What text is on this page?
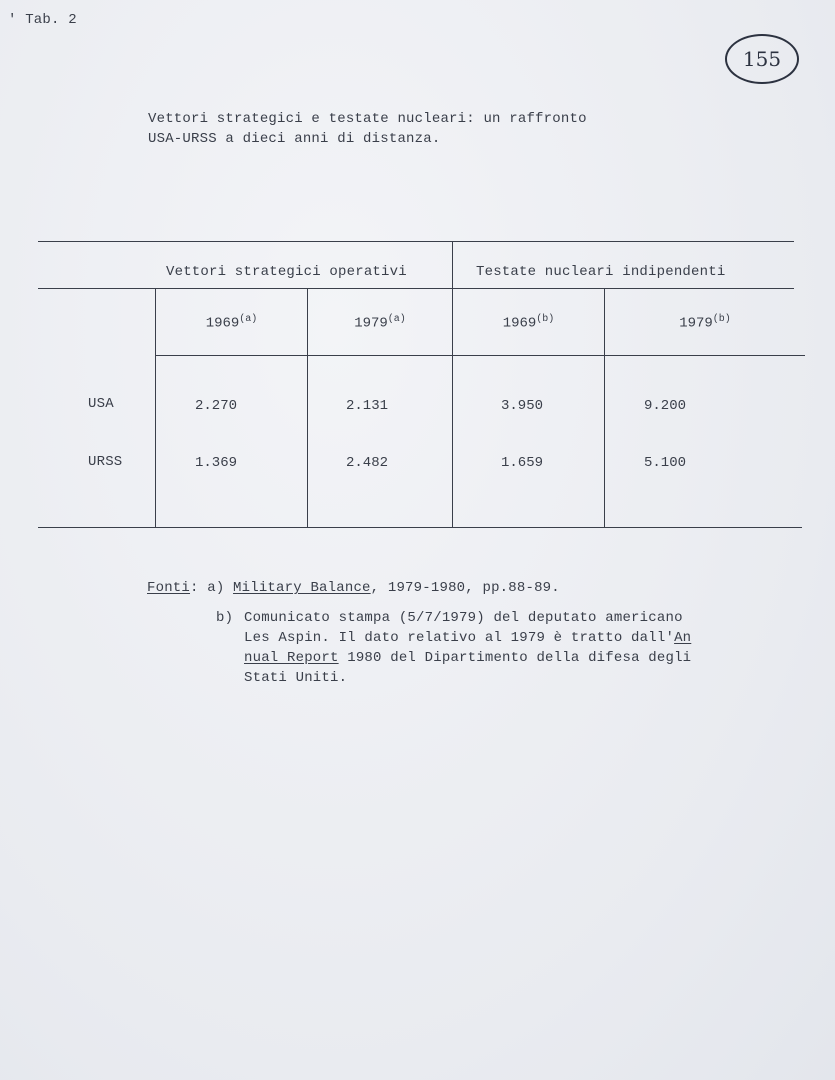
' Tab. 2
155
Vettori strategici e testate nucleari: un raffronto
USA-URSS a dieci anni di distanza.
Vettori strategici operativi	Testate nucleari indipendenti
1969$^{(a)}$	1979$^{(a)}$	1969$^{(b)}$	1979$^{(b)}$
USA	2.270	2.131	3.950	9.200
URSS	1.369	2.482	1.659	5.100
Fonti: a) Military Balance, 1979-1980, pp.88-89.
b) Comunicato stampa (5/7/1979) del deputato americano
Les Aspin. Il dato relativo al 1979 è tratto dall'An
nual Report 1980 del Dipartimento della difesa degli
Stati Uniti.
